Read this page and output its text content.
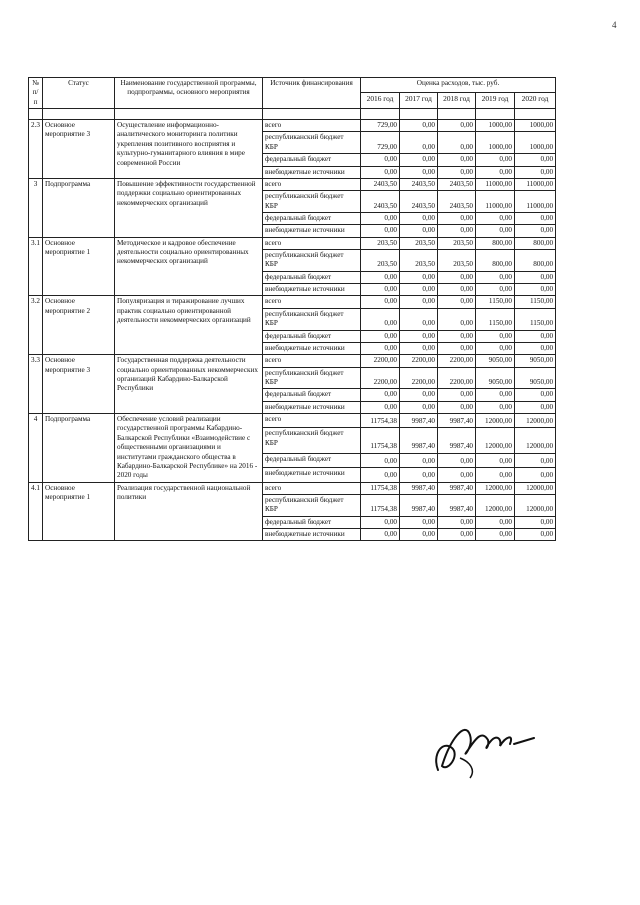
4
№ п/п	Статус	Наименование государственной программы, подпрограммы, основного мероприятия	Источник финансирования	Оценка расходов, тыс. руб.				
				2016 год	2017 год	2018 год	2019 год	2020 год

2.3	Основное мероприятие 3	Осуществление информационно-аналитического мониторинга политики укрепления позитивного восприятия и культурно-гуманитарного влияния в мире современной России	всего	729,00	0,00	0,00	1000,00	1000,00
			республиканский бюджет КБР	729,00	0,00	0,00	1000,00	1000,00
			федеральный бюджет	0,00	0,00	0,00	0,00	0,00
			внебюджетные источники	0,00	0,00	0,00	0,00	0,00
3	Подпрограмма	Повышение эффективности государственной поддержки социально ориентированных некоммерческих организаций	всего	2403,50	2403,50	2403,50	11000,00	11000,00
			республиканский бюджет КБР	2403,50	2403,50	2403,50	11000,00	11000,00
			федеральный бюджет	0,00	0,00	0,00	0,00	0,00
			внебюджетные источники	0,00	0,00	0,00	0,00	0,00
3.1	Основное мероприятие 1	Методическое и кадровое обеспечение деятельности социально ориентированных некоммерческих организаций	всего	203,50	203,50	203,50	800,00	800,00
			республиканский бюджет КБР	203,50	203,50	203,50	800,00	800,00
			федеральный бюджет	0,00	0,00	0,00	0,00	0,00
			внебюджетные источники	0,00	0,00	0,00	0,00	0,00
3.2	Основное мероприятие 2	Популяризация и тиражирование лучших практик социально ориентированной деятельности некоммерческих организаций	всего	0,00	0,00	0,00	1150,00	1150,00
			республиканский бюджет КБР	0,00	0,00	0,00	1150,00	1150,00
			федеральный бюджет	0,00	0,00	0,00	0,00	0,00
			внебюджетные источники	0,00	0,00	0,00	0,00	0,00
3.3	Основное мероприятие 3	Государственная поддержка деятельности социально ориентированных некоммерческих организаций Кабардино-Балкарской Республики	всего	2200,00	2200,00	2200,00	9050,00	9050,00
			республиканский бюджет КБР	2200,00	2200,00	2200,00	9050,00	9050,00
			федеральный бюджет	0,00	0,00	0,00	0,00	0,00
			внебюджетные источники	0,00	0,00	0,00	0,00	0,00
4	Подпрограмма	Обеспечение условий реализации государственной программы Кабардино-Балкарской Республики «Взаимодействие с общественными организациями и институтами гражданского общества в Кабардино-Балкарской Республике» на 2016 - 2020 годы	всего	11754,38	9987,40	9987,40	12000,00	12000,00
			республиканский бюджет КБР	11754,38	9987,40	9987,40	12000,00	12000,00
			федеральный бюджет	0,00	0,00	0,00	0,00	0,00
			внебюджетные источники	0,00	0,00	0,00	0,00	0,00
4.1	Основное мероприятие 1	Реализация государственной национальной политики	всего	11754,38	9987,40	9987,40	12000,00	12000,00
			республиканский бюджет КБР	11754,38	9987,40	9987,40	12000,00	12000,00
			федеральный бюджет	0,00	0,00	0,00	0,00	0,00
			внебюджетные источники	0,00	0,00	0,00	0,00	0,00
